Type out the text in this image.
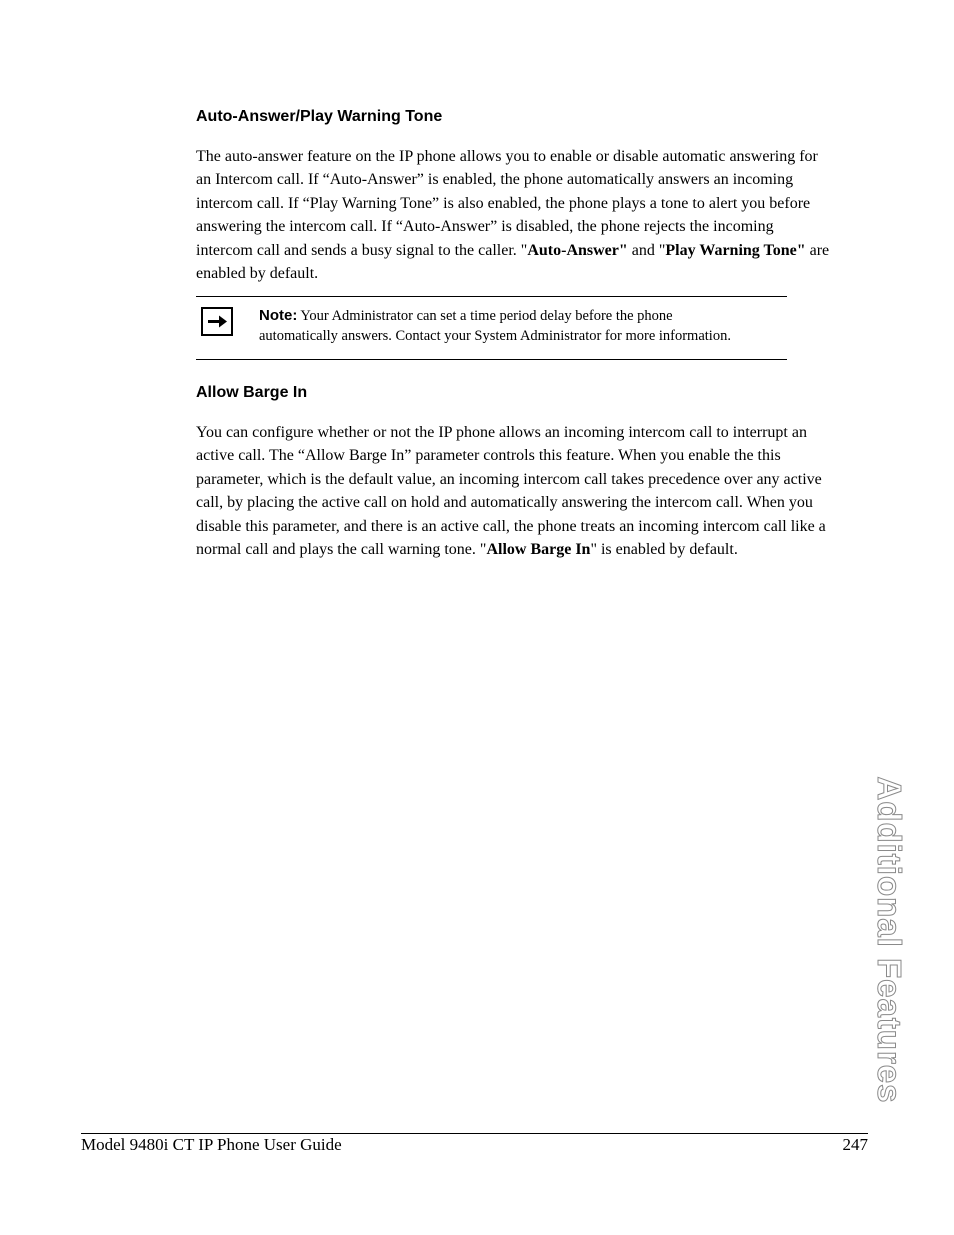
Auto-Answer/Play Warning Tone

The auto-answer feature on the IP phone allows you to enable or disable automatic answering for
an Intercom call. If “Auto-Answer” is enabled, the phone automatically answers an incoming
intercom call. If “Play Warning Tone” is also enabled, the phone plays a tone to alert you before
answering the intercom call. If “Auto-Answer” is disabled, the phone rejects the incoming
intercom call and sends a busy signal to the caller. "Auto-Answer" and "Play Warning Tone" are
enabled by default.

Note: Your Administrator can set a time period delay before the phone
automatically answers. Contact your System Administrator for more information.
Allow Barge In

You can configure whether or not the IP phone allows an incoming intercom call to interrupt an
active call. The “Allow Barge In” parameter controls this feature. When you enable the this
parameter, which is the default value, an incoming intercom call takes precedence over any active
call, by placing the active call on hold and automatically answering the intercom call. When you
disable this parameter, and there is an active call, the phone treats an incoming intercom call like a
normal call and plays the call warning tone. "Allow Barge In" is enabled by default.

Additional Features
Model 9480i CT IP Phone User Guide	247
